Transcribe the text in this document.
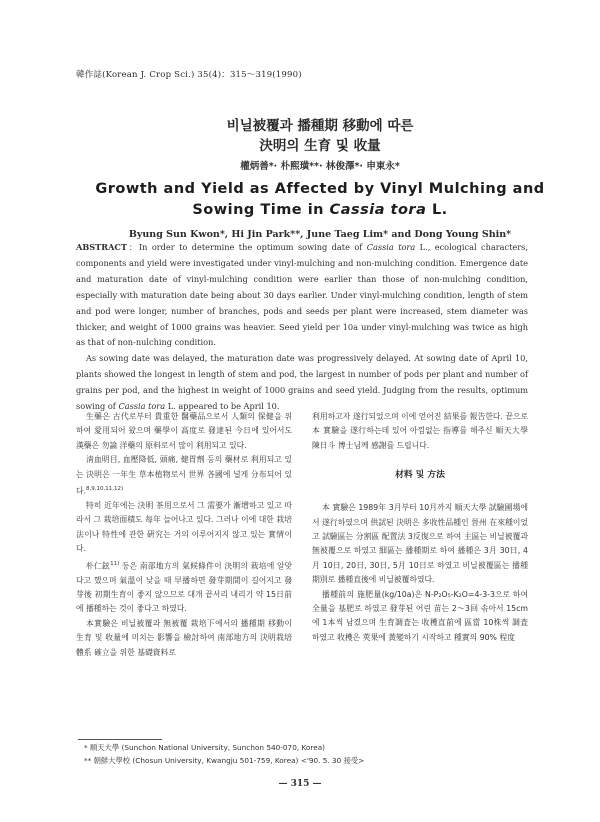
韓作誌(Korean J. Crop Sci.) 35(4)：315〜319(1990)
비닐被覆과 播種期 移動에 따른
決明의 生育 및 收量
權炳善*· 朴熙璜**· 林俊澤*· 申東永*
Growth and Yield as Affected by Vinyl Mulching and
Sowing Time in Cassia tora L.
Byung Sun Kwon*, Hi Jin Park**, June Taeg Lim* and Dong Young Shin*

ABSTRACT：In order to determine the optimum sowing date of Cassia tora L., ecological characters, components and yield were investigated under vinyl-mulching and non-mulching condition. Emergence date and maturation date of vinyl-mulching condition were earlier than those of non-mulching condition, especially with maturation date being about 30 days earlier. Under vinyl-mulching condition, length of stem and pod were longer, number of branches, pods and seeds per plant were increased, stem diameter was thicker, and weight of 1000 grains was heavier. Seed yield per 10a under vinyl-mulching was twice as high as that of non-nulching condition.

As sowing date was delayed, the maturation date was progressively delayed. At sowing date of April 10, plants showed the longest in length of stem and pod, the largest in number of pods per plant and number of grains per pod, and the highest in weight of 1000 grains and seed yield. Judging from the results, optimum sowing of Cassia tora L. appeared to be April 10.

生藥은 古代로부터 貴重한 醫藥品으로서 人類의 保健을 위하여 愛用되어 왔으며 藥學이 高度로 發達된 今日에 있어서도 漢藥은 勿論 洋藥의 原料로서 많이 利用되고 있다.

淸血明目, 血壓降低, 頭痛, 健胃劑 등의 藥材로 利用되고 있는 決明은 一年生 草本植物로서 世界 各國에 널게 分布되어 있다.$^{8,9,10,11,12)}$

特히 近年에는 決明 茶用으로서 그 需要가 漸增하고 있고 따라서 그 栽培面積도 每年 늘어나고 있다. 그러나 이에 대한 栽培法이나 特性에 관한 硏究는 거의 이루어지지 않고 있는 實情이다.

朴仁鉉$^{11)}$ 등은 南部地方의 氣候條件이 決明의 栽培에 알맞다고 했으며 氣溫이 낮을 때 早播하면 發芽期間이 길어지고 發芽後 初期生育이 좋지 않으므로 대개 끝서리 내리기 약 15日前에 播種하는 것이 좋다고 하였다.

本實驗은 비닐被覆과 無被覆 栽培下에서의 播種期 移動이 生育 및 收量에 미치는 影響을 檢討하여 南部地方의 決明栽培體系 確立을 위한 基礎資料로

利用하고자 遂行되었으며 이에 얻어진 結果를 報告한다. 끝으로 本 實驗을 遂行하는데 있어 아낌없는 指導를 해주신 順天大學 陳日斗 博士님께 感謝를 드립니다.

材料 및 方法

本 實驗은 1989年 3月부터 10月까지 順天大學 試驗圃場에서 遂行하였으며 供試된 決明은 多收性品種인 晉州 在來種이었고 試驗區는 分割區 配置法 3反復으로 하여 主區는 비닐被覆과 無被覆으로 하였고 細區는 播種期로 하여 播種은 3月 30日, 4月 10日, 20日, 30日, 5月 10日로 하였고 비닐被覆區는 播種期別로 播種直後에 비닐被覆하였다.

播種前의 施肥量(kg/10a)은 N-P₂O₅-K₂O=4-3-3으로 하여 全量을 基肥로 하였고 發芽된 어린 苗는 2〜3回 솎아서 15cm에 1本씩 남겼으며 生育調査는 收穫直前에 區當 10株씩 調査하였고 收穫은 莢果에 黃變하기 시작하고 種實의 90% 程度

* 順天大學 (Sunchon National University, Sunchon 540-070, Korea)
** 朝鮮大學校 (Chosun University, Kwangju 501-759, Korea) <'90. 5. 30 接受>
— 315 —
